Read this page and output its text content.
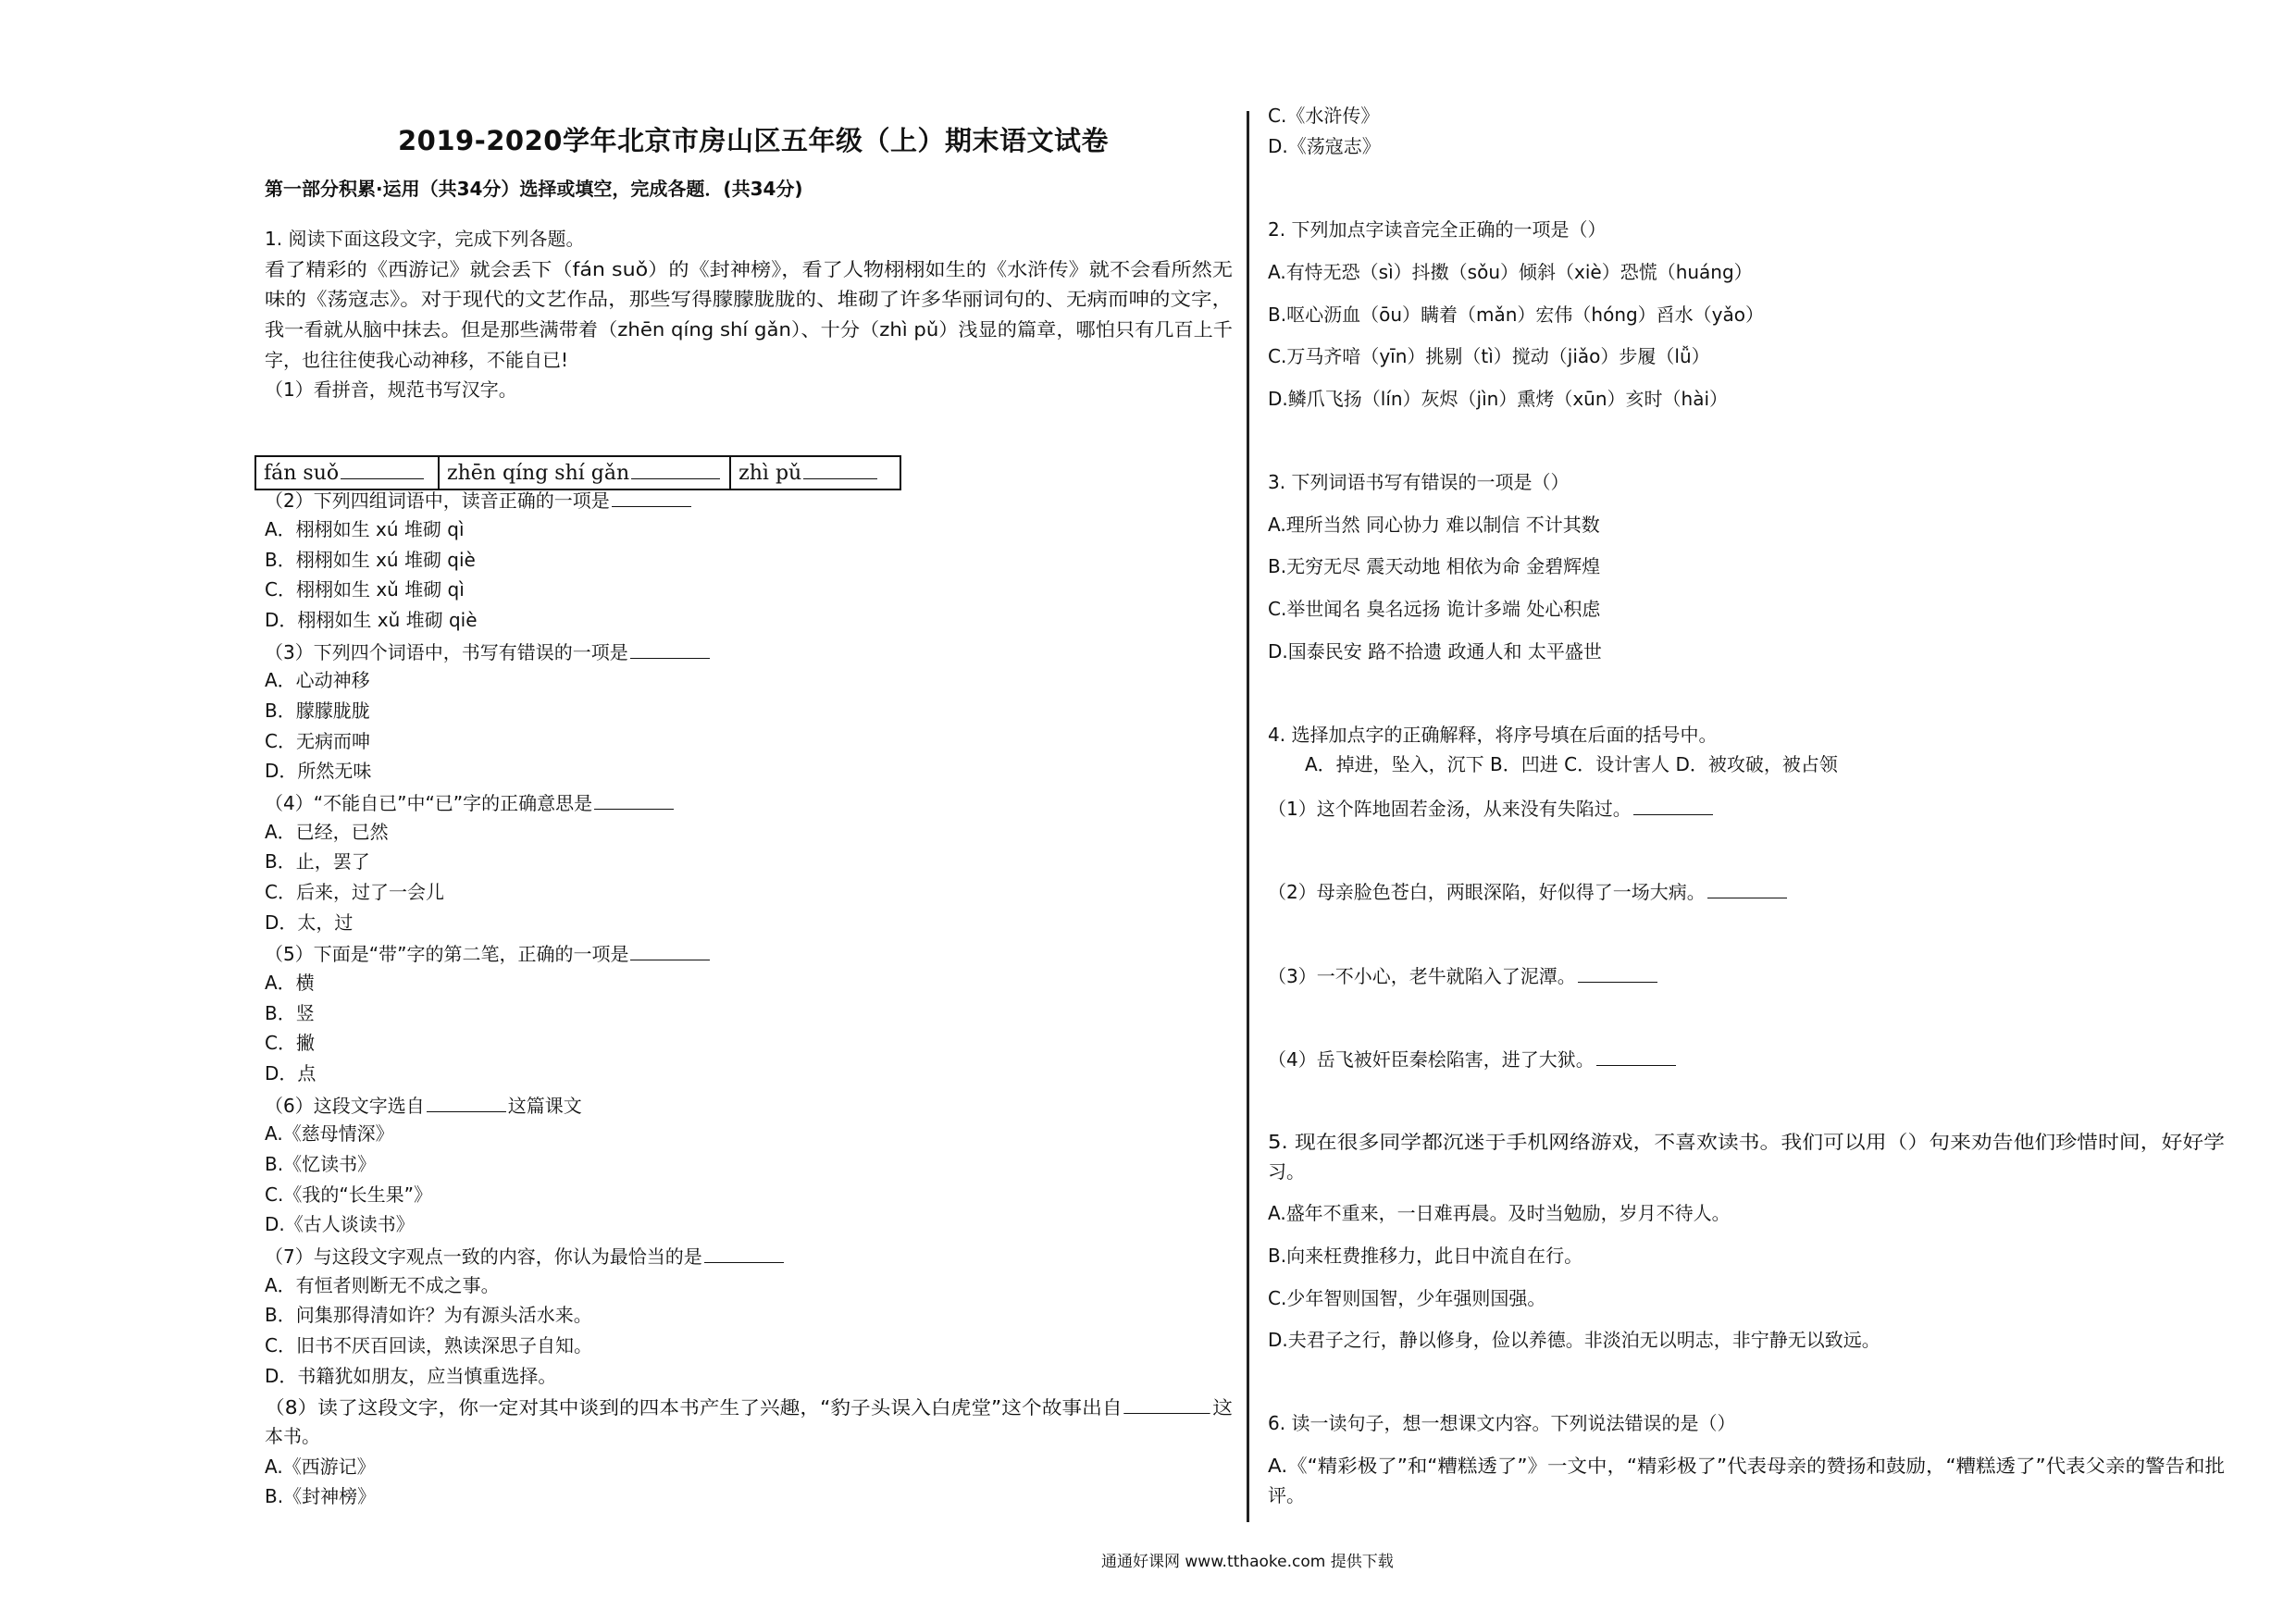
2019-2020学年北京市房山区五年级（上）期末语文试卷
第一部分积累·运用（共34分）选择或填空，完成各题．(共34分)
1. 阅读下面这段文字，完成下列各题。
看了精彩的《西游记》就会丢下（fán suǒ）的《封神榜》，看了人物栩栩如生的《水浒传》就不会看所然无
味的《荡寇志》。对于现代的文艺作品，那些写得朦朦胧胧的、堆砌了许多华丽词句的、无病而呻的文字，
我一看就从脑中抹去。但是那些满带着（zhēn qíng shí gǎn）、十分（zhì pǔ）浅显的篇章，哪怕只有几百上千
字，也往往使我心动神移，不能自已!
（1）看拼音，规范书写汉字。
（2）下列四组词语中，读音正确的一项是
A．栩栩如生 xú 堆砌 qì
B．栩栩如生 xú 堆砌 qiè
C．栩栩如生 xǔ 堆砌 qì
D．栩栩如生 xǔ 堆砌 qiè
（3）下列四个词语中，书写有错误的一项是
A．心动神移
B．朦朦胧胧
C．无病而呻
D．所然无味
（4）“不能自已”中“已”字的正确意思是
A．已经，已然
B．止，罢了
C．后来，过了一会儿
D．太，过
（5）下面是“带”字的第二笔，正确的一项是
A．横
B．竖
C．撇
D．点
（6）这段文字选自	这篇课文
A.《慈母情深》
B.《忆读书》
C.《我的“长生果”》
D.《古人谈读书》
（7）与这段文字观点一致的内容，你认为最恰当的是
A．有恒者则断无不成之事。
B．问集那得清如许？为有源头活水来。
C．旧书不厌百回读，熟读深思子自知。
D．书籍犹如朋友，应当慎重选择。
（8）读了这段文字，你一定对其中谈到的四本书产生了兴趣，“豹子头误入白虎堂”这个故事出自	这
本书。
A.《西游记》
B.《封神榜》
fán suǒ	zhēn qíng shí gǎn	zhì pǔ
C.《水浒传》
D.《荡寇志》
2. 下列加点字读音完全正确的一项是（）
A.有恃无恐（sì）抖擞（sǒu）倾斜（xiè）恐慌（huáng）
B.呕心沥血（ōu）瞒着（mǎn）宏伟（hóng）舀水（yǎo）
C.万马齐喑（yīn）挑剔（tì）搅动（jiǎo）步履（lǚ）
D.鳞爪飞扬（lín）灰烬（jìn）熏烤（xūn）亥时（hài）
3. 下列词语书写有错误的一项是（）
A.理所当然 同心协力 难以制信 不计其数
B.无穷无尽 震天动地 相依为命 金碧辉煌
C.举世闻名 臭名远扬 诡计多端 处心积虑
D.国泰民安 路不拾遗 政通人和 太平盛世
4. 选择加点字的正确解释，将序号填在后面的括号中。
A．掉进，坠入，沉下 B．凹进 C．设计害人 D．被攻破，被占领
（1）这个阵地固若金汤，从来没有失陷过。
（2）母亲脸色苍白，两眼深陷，好似得了一场大病。
（3）一不小心，老牛就陷入了泥潭。
（4）岳飞被奸臣秦桧陷害，进了大狱。
5. 现在很多同学都沉迷于手机网络游戏，不喜欢读书。我们可以用（）句来劝告他们珍惜时间，好好学
习。
A.盛年不重来，一日难再晨。及时当勉励，岁月不待人。
B.向来枉费推移力，此日中流自在行。
C.少年智则国智，少年强则国强。
D.夫君子之行，静以修身，俭以养德。非淡泊无以明志，非宁静无以致远。
6. 读一读句子，想一想课文内容。下列说法错误的是（）
A.《“精彩极了”和“糟糕透了”》一文中，“精彩极了”代表母亲的赞扬和鼓励，“糟糕透了”代表父亲的警告和批
评。
通通好课网 www.tthaoke.com 提供下载
